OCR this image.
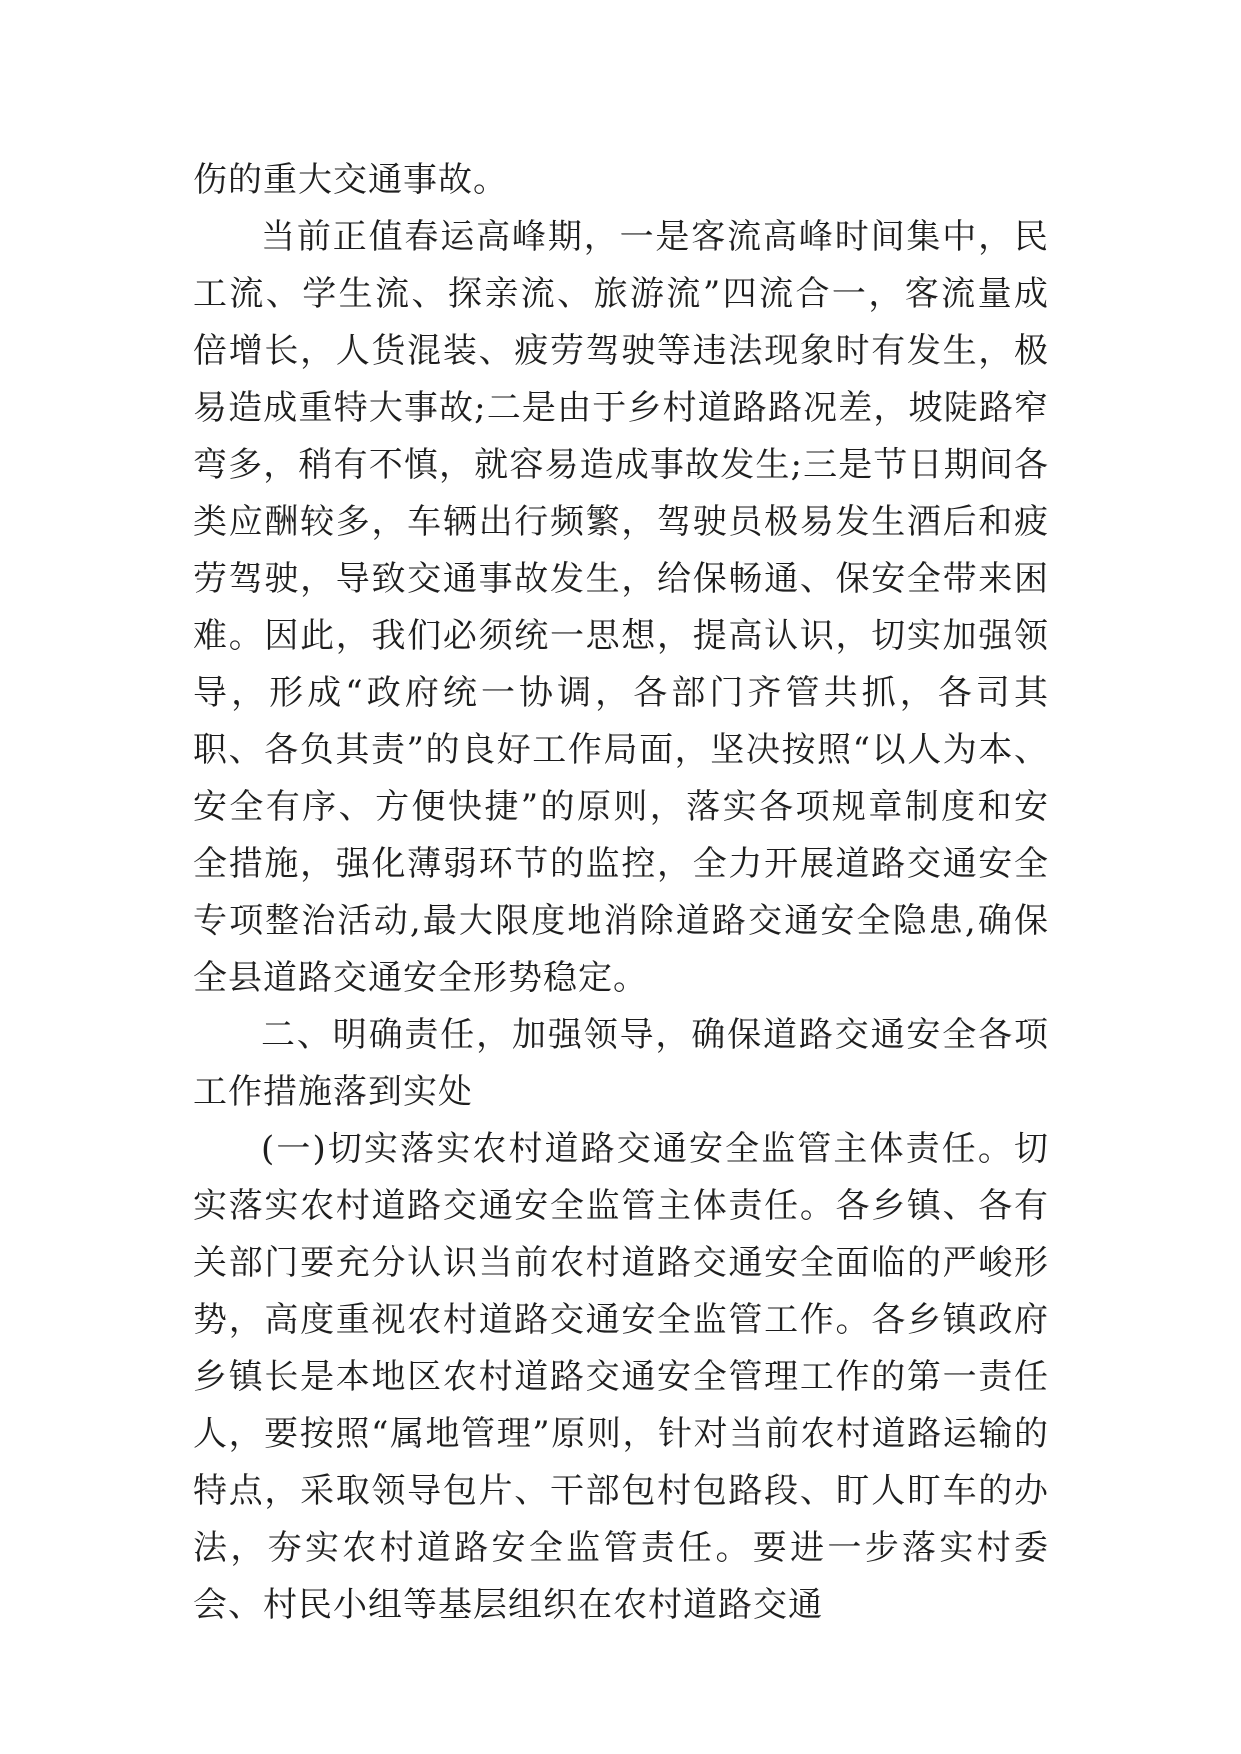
伤的重大交通事故。

当前正值春运高峰期，一是客流高峰时间集中，民工流、学生流、探亲流、旅游流”四流合一，客流量成倍增长，人货混装、疲劳驾驶等违法现象时有发生，极易造成重特大事故;二是由于乡村道路路况差，坡陡路窄弯多，稍有不慎，就容易造成事故发生;三是节日期间各类应酬较多，车辆出行频繁，驾驶员极易发生酒后和疲劳驾驶，导致交通事故发生，给保畅通、保安全带来困难。因此，我们必须统一思想，提高认识，切实加强领导，形成“政府统一协调，各部门齐管共抓，各司其职、各负其责”的良好工作局面，坚决按照“以人为本、安全有序、方便快捷”的原则，落实各项规章制度和安全措施，强化薄弱环节的监控，全力开展道路交通安全专项整治活动,最大限度地消除道路交通安全隐患,确保全县道路交通安全形势稳定。

二、明确责任，加强领导，确保道路交通安全各项工作措施落到实处

(一)切实落实农村道路交通安全监管主体责任。切实落实农村道路交通安全监管主体责任。各乡镇、各有关部门要充分认识当前农村道路交通安全面临的严峻形势，高度重视农村道路交通安全监管工作。各乡镇政府乡镇长是本地区农村道路交通安全管理工作的第一责任人，要按照“属地管理”原则，针对当前农村道路运输的特点，采取领导包片、干部包村包路段、盯人盯车的办法，夯实农村道路安全监管责任。要进一步落实村委会、村民小组等基层组织在农村道路交通
